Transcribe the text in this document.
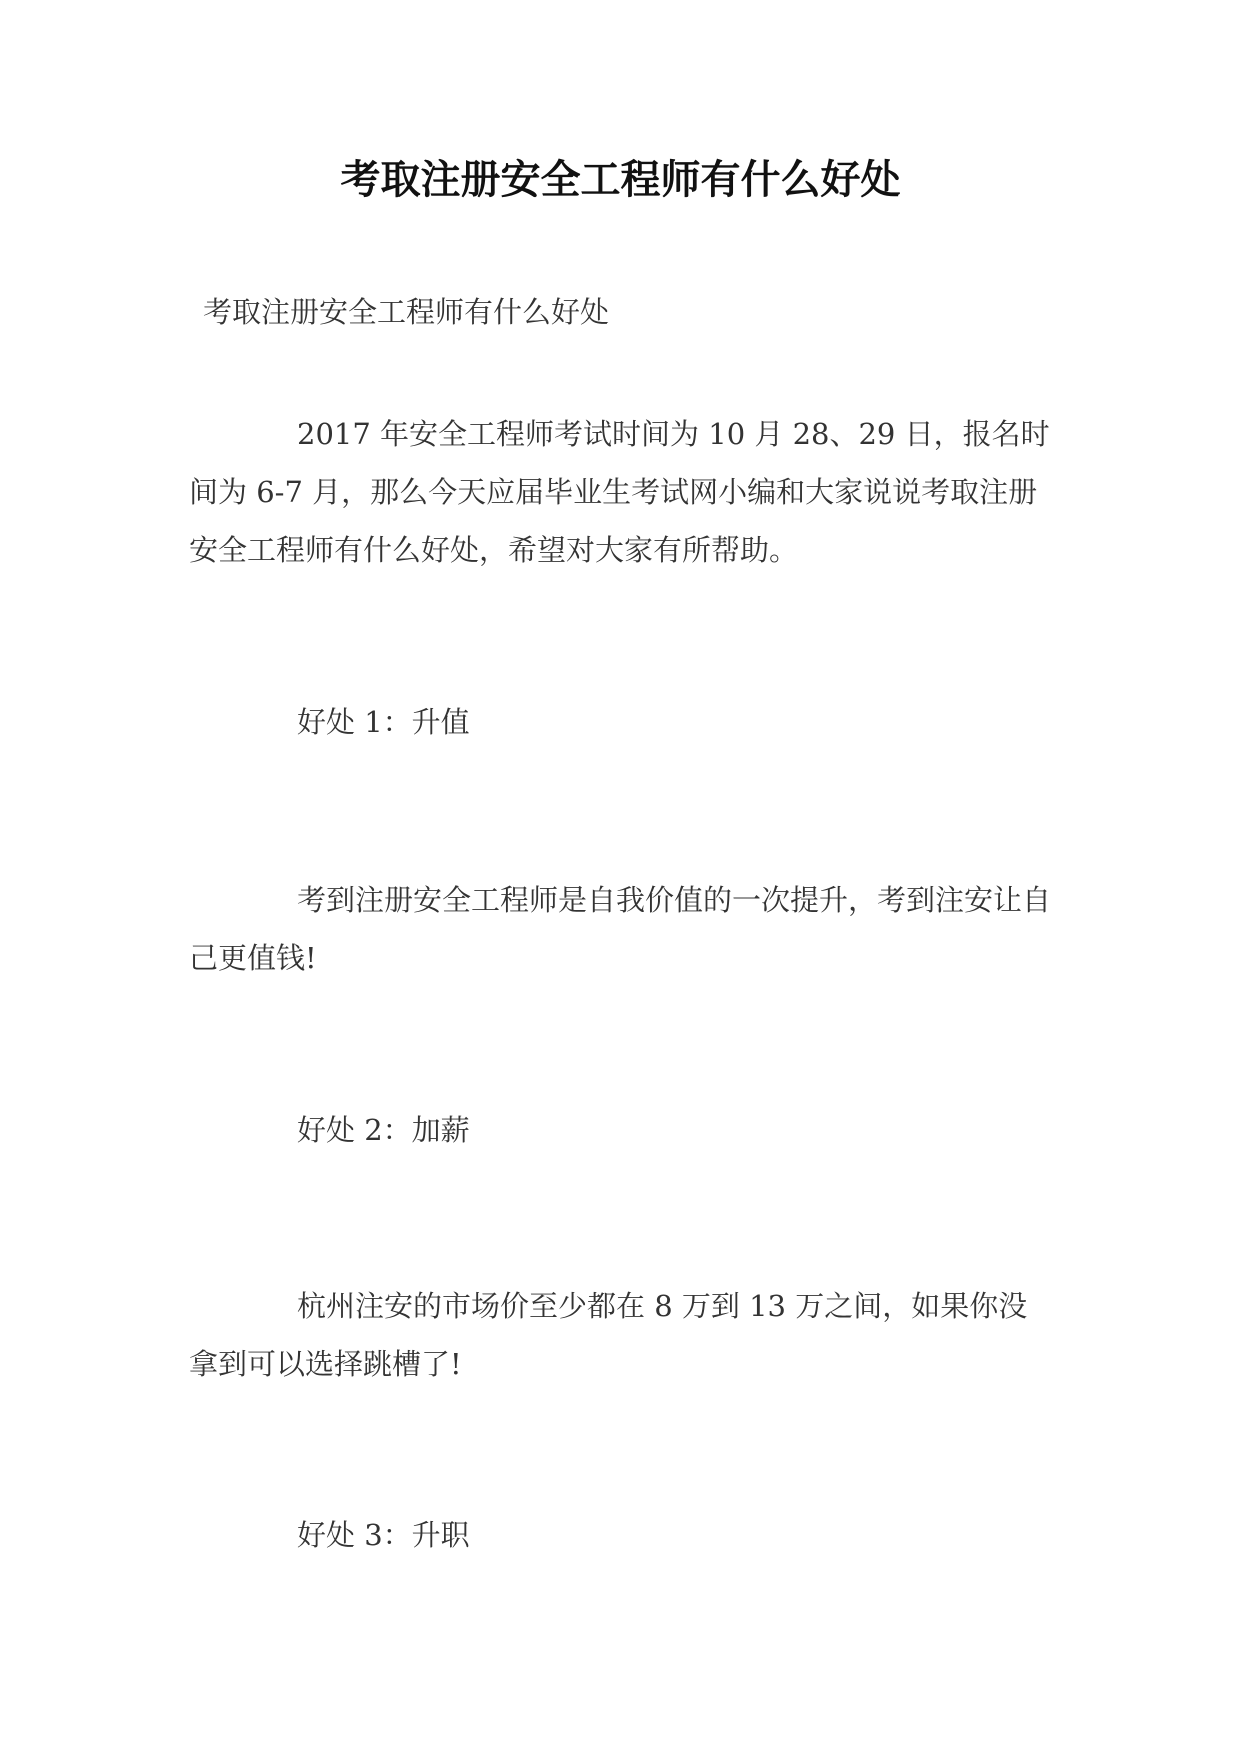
考取注册安全工程师有什么好处
考取注册安全工程师有什么好处

2017 年安全工程师考试时间为 10 月 28、29 日，报名时间为 6-7 月，那么今天应届毕业生考试网小编和大家说说考取注册安全工程师有什么好处，希望对大家有所帮助。

好处 1：升值

考到注册安全工程师是自我价值的一次提升，考到注安让自己更值钱!

好处 2：加薪

杭州注安的市场价至少都在 8 万到 13 万之间，如果你没拿到可以选择跳槽了!

好处 3：升职
